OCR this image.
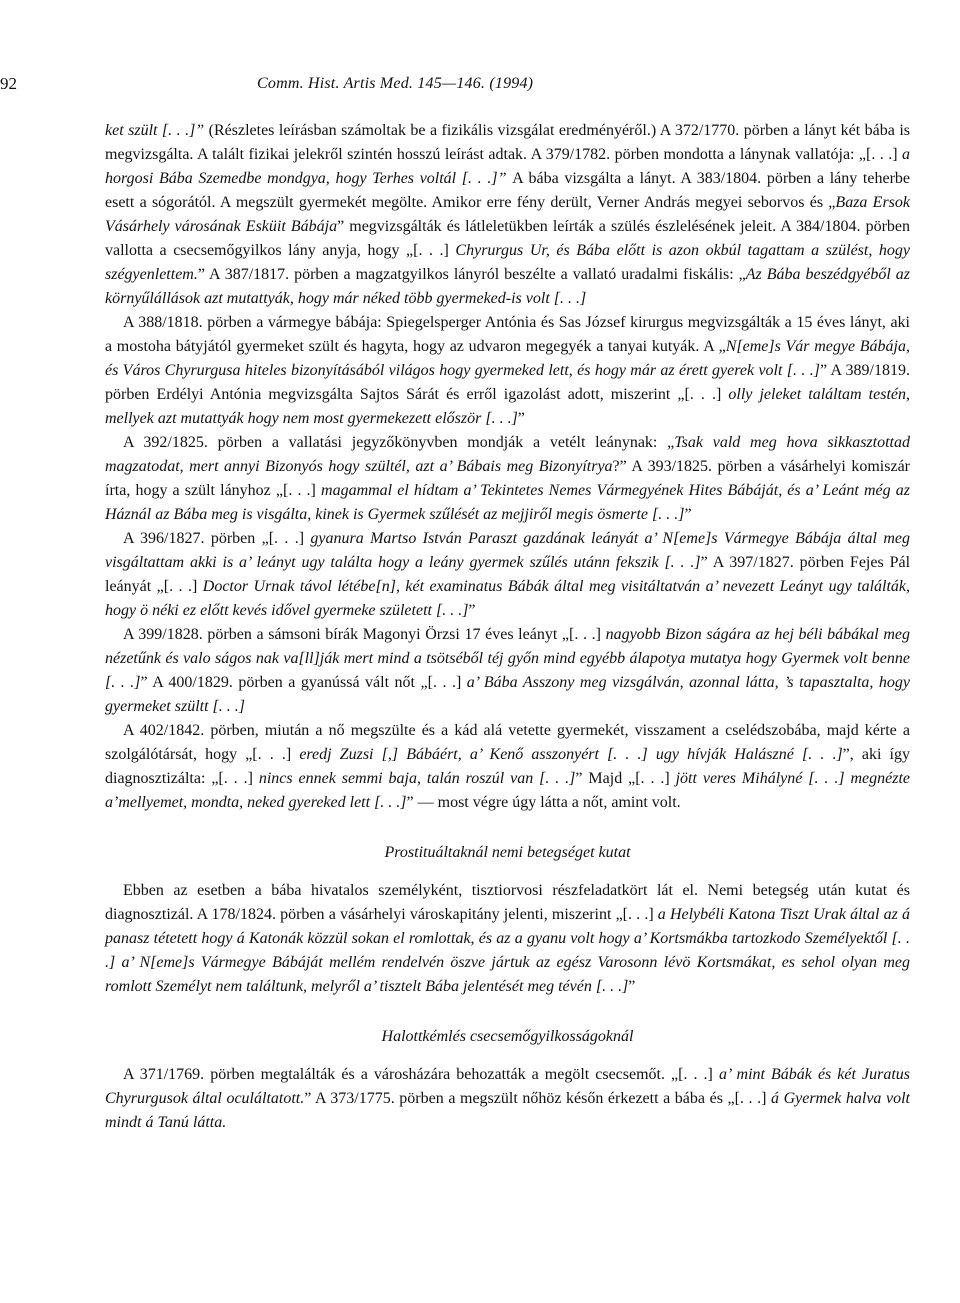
92	Comm. Hist. Artis Med. 145—146. (1994)

ket szült [. . .]” (Részletes leírásban számoltak be a fizikális vizsgálat eredményéről.) A 372/1770. pörben a lányt két bába is megvizsgálta. A talált fizikai jelekről szintén hosszú leírást adtak. A 379/1782. pörben mondotta a lánynak vallatója: „[. . .] a horgosi Bába Szemedbe mondgya, hogy Terhes voltál [. . .]” A bába vizsgálta a lányt. A 383/1804. pörben a lány teherbe esett a sógorától. A megszült gyermekét megölte. Amikor erre fény derült, Verner András megyei seborvos és „Baza Ersok Vásárhely városának Esküit Bábája” megvizsgálták és látleletükben leírták a szülés észlelésének jeleit. A 384/1804. pörben vallotta a csecsemőgyilkos lány anyja, hogy „[. . .] Chyrurgus Ur, és Bába előtt is azon okbúl tagattam a szülést, hogy szégyenlettem.” A 387/1817. pörben a magzatgyilkos lányról beszélte a vallató uradalmi fiskális: „Az Bába beszédgyéből az környűlállások azt mutattyák, hogy már néked több gyermeked-is volt [. . .]

A 388/1818. pörben a vármegye bábája: Spiegelsperger Antónia és Sas József kirurgus megvizsgálták a 15 éves lányt, aki a mostoha bátyjától gyermeket szült és hagyta, hogy az udvaron megegyék a tanyai kutyák. A „N[eme]s Vár megye Bábája, és Város Chyrurgusa hiteles bizonyításából világos hogy gyermeked lett, és hogy már az érett gyerek volt [. . .]” A 389/1819. pörben Erdélyi Antónia megvizsgálta Sajtos Sárát és erről igazolást adott, miszerint „[. . .] olly jeleket találtam testén, mellyek azt mutattyák hogy nem most gyermekezett először [. . .]”

A 392/1825. pörben a vallatási jegyzőkönyvben mondják a vetélt leánynak: „Tsak vald meg hova sikkasztottad magzatodat, mert annyi Bizonyós hogy szültél, azt a’ Bábais meg Bizonyítrya?” A 393/1825. pörben a vásárhelyi komiszár írta, hogy a szült lányhoz „[. . .] magammal el hídtam a’ Tekintetes Nemes Vármegyének Hites Bábáját, és a’ Leánt még az Háznál az Bába meg is visgálta, kinek is Gyermek szűlését az mejjiről megis ösmerte [. . .]”

A 396/1827. pörben „[. . .] gyanura Martso István Paraszt gazdának leányát a’ N[eme]s Vármegye Bábája által meg visgáltattam akki is a’ leányt ugy találta hogy a leány gyermek szűlés utánn fekszik [. . .]” A 397/1827. pörben Fejes Pál leányát „[. . .] Doctor Urnak távol létébe[n], két examinatus Bábák által meg visitáltatván a’ nevezett Leányt ugy találták, hogy ö néki ez előtt kevés idővel gyermeke született [. . .]”

A 399/1828. pörben a sámsoni bírák Magonyi Örzsi 17 éves leányt „[. . .] nagyobb Bizon ságára az hej béli bábákal meg nézetűnk és valo ságos nak va[ll]ják mert mind a tsötséből téj győn mind egyébb álapotya mutatya hogy Gyermek volt benne [. . .]” A 400/1829. pörben a gyanússá vált nőt „[. . .] a’ Bába Asszony meg vizsgálván, azonnal látta, ’s tapasztalta, hogy gyermeket szültt [. . .]

A 402/1842. pörben, miután a nő megszülte és a kád alá vetette gyermekét, visszament a cselédszobába, majd kérte a szolgálótársát, hogy „[. . .] eredj Zuzsi [,] Bábáért, a’ Kenő asszonyért [. . .] ugy hívják Halászné [. . .]”, aki így diagnosztizálta: „[. . .] nincs ennek semmi baja, talán roszúl van [. . .]” Majd „[. . .] jött veres Mihályné [. . .] megnézte a’mellyemet, mondta, neked gyereked lett [. . .]” — most végre úgy látta a nőt, amint volt.

Prostituáltaknál nemi betegséget kutat

Ebben az esetben a bába hivatalos személyként, tisztiorvosi részfeladatkört lát el. Nemi betegség után kutat és diagnosztizál. A 178/1824. pörben a vásárhelyi városkapitány jelenti, miszerint „[. . .] a Helybéli Katona Tiszt Urak által az á panasz tétetett hogy á Katonák közzül sokan el romlottak, és az a gyanu volt hogy a’ Kortsmákba tartozkodo Személyektől [. . .] a’ N[eme]s Vármegye Bábáját mellém rendelvén öszve jártuk az egész Varosonn lévö Kortsmákat, es sehol olyan meg romlott Személyt nem találtunk, melyről a’ tisztelt Bába jelentését meg tévén [. . .]”

Halottkémlés csecsemőgyilkosságoknál

A 371/1769. pörben megtalálták és a városházára behozatták a megölt csecsemőt. „[. . .] a’ mint Bábák és két Juratus Chyrurgusok által oculáltatott.” A 373/1775. pörben a megszült nőhöz későn érkezett a bába és „[. . .] á Gyermek halva volt mindt á Tanú látta.
